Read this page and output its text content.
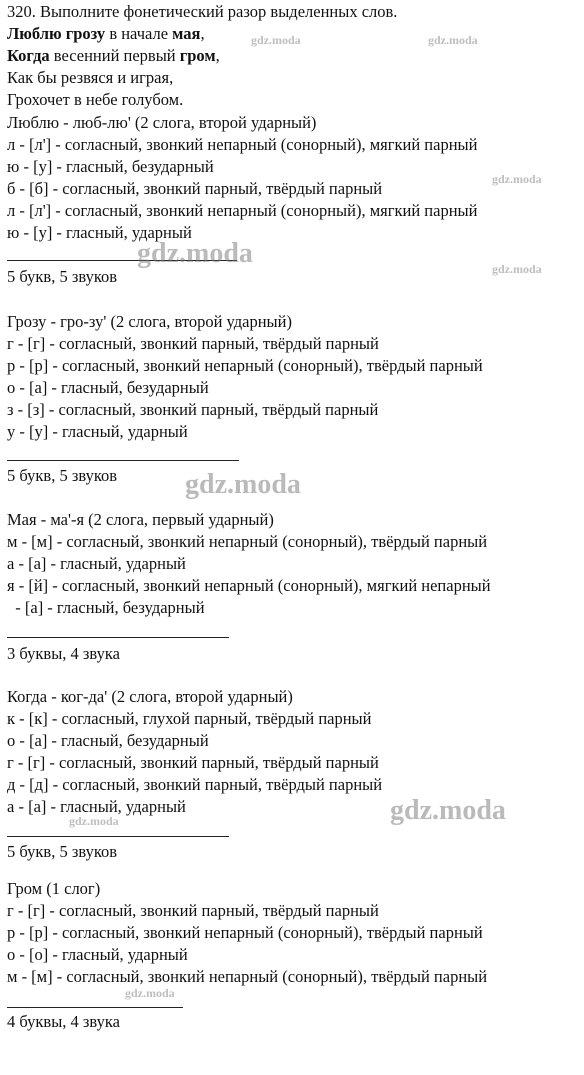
320. Выполните фонетический разор выделенных слов.
Люблю грозу в начале мая,
Когда весенний первый гром,
Как бы резвяся и играя,
Грохочет в небе голубом.
Люблю - люб-лю' (2 слога, второй ударный)
л - [л'] - согласный, звонкий непарный (сонорный), мягкий парный
ю - [у] - гласный, безударный
б - [б] - согласный, звонкий парный, твёрдый парный
л - [л'] - согласный, звонкий непарный (сонорный), мягкий парный
ю - [у] - гласный, ударный
5 букв, 5 звуков
Грозу - гро-зу' (2 слога, второй ударный)
г - [г] - согласный, звонкий парный, твёрдый парный
р - [р] - согласный, звонкий непарный (сонорный), твёрдый парный
о - [а] - гласный, безударный
з - [з] - согласный, звонкий парный, твёрдый парный
у - [у] - гласный, ударный
5 букв, 5 звуков
Мая - ма'-я (2 слога, первый ударный)
м - [м] - согласный, звонкий непарный (сонорный), твёрдый парный
а - [а] - гласный, ударный
я - [й] - согласный, звонкий непарный (сонорный), мягкий непарный
- [а] - гласный, безударный
3 буквы, 4 звука
Когда - ког-да' (2 слога, второй ударный)
к - [к] - согласный, глухой парный, твёрдый парный
о - [а] - гласный, безударный
г - [г] - согласный, звонкий парный, твёрдый парный
д - [д] - согласный, звонкий парный, твёрдый парный
а - [а] - гласный, ударный
5 букв, 5 звуков
Гром (1 слог)
г - [г] - согласный, звонкий парный, твёрдый парный
р - [р] - согласный, звонкий непарный (сонорный), твёрдый парный
о - [о] - гласный, ударный
м - [м] - согласный, звонкий непарный (сонорный), твёрдый парный
4 буквы, 4 звука
gdz.moda	gdz.moda
gdz.moda
gdz.moda	gdz.moda
gdz.moda
gdz.moda
gdz.moda
gdz.moda
